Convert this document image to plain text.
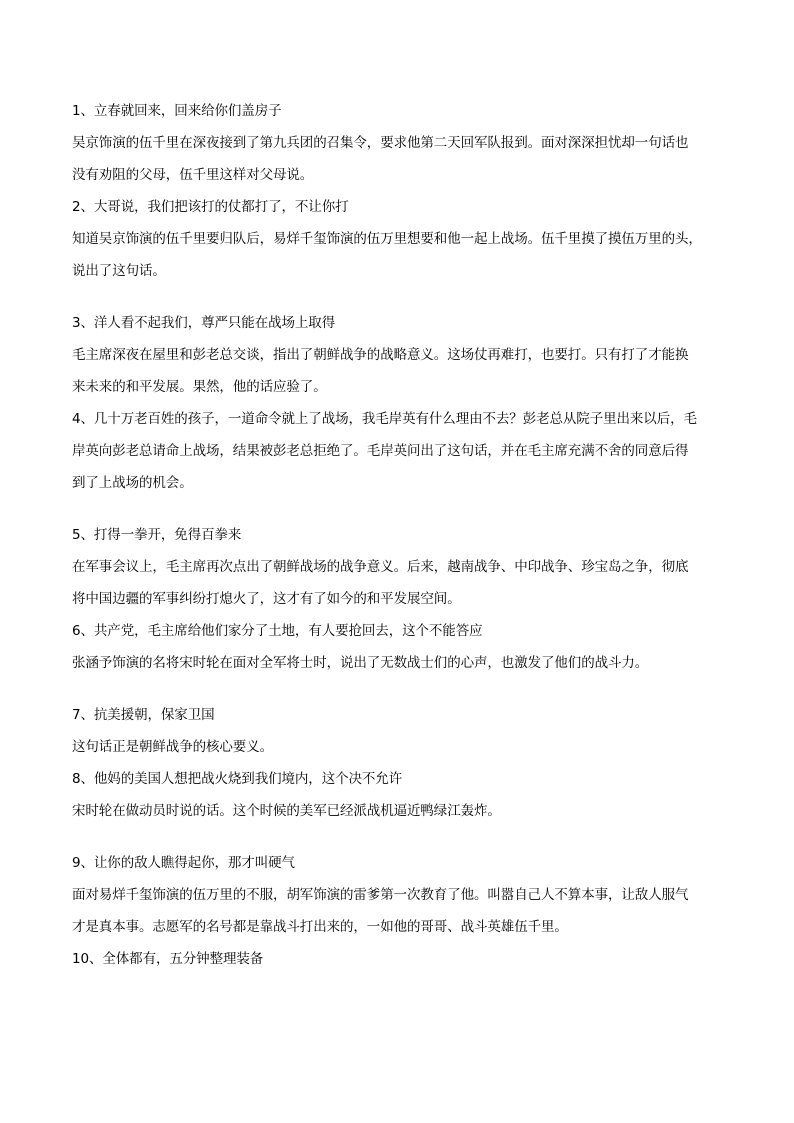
1、立春就回来，回来给你们盖房子
吴京饰演的伍千里在深夜接到了第九兵团的召集令，要求他第二天回军队报到。面对深深担忧却一句话也
没有劝阻的父母，伍千里这样对父母说。
2、大哥说，我们把该打的仗都打了，不让你打
知道吴京饰演的伍千里要归队后，易烊千玺饰演的伍万里想要和他一起上战场。伍千里摸了摸伍万里的头，
说出了这句话。
3、洋人看不起我们，尊严只能在战场上取得
毛主席深夜在屋里和彭老总交谈，指出了朝鲜战争的战略意义。这场仗再难打，也要打。只有打了才能换
来未来的和平发展。果然，他的话应验了。
4、几十万老百姓的孩子，一道命令就上了战场，我毛岸英有什么理由不去？彭老总从院子里出来以后，毛
岸英向彭老总请命上战场，结果被彭老总拒绝了。毛岸英问出了这句话，并在毛主席充满不舍的同意后得
到了上战场的机会。
5、打得一拳开，免得百拳来
在军事会议上，毛主席再次点出了朝鲜战场的战争意义。后来，越南战争、中印战争、珍宝岛之争，彻底
将中国边疆的军事纠纷打熄火了，这才有了如今的和平发展空间。
6、共产党，毛主席给他们家分了土地，有人要抢回去，这个不能答应
张涵予饰演的名将宋时轮在面对全军将士时，说出了无数战士们的心声，也激发了他们的战斗力。
7、抗美援朝，保家卫国
这句话正是朝鲜战争的核心要义。
8、他妈的美国人想把战火烧到我们境内，这个决不允许
宋时轮在做动员时说的话。这个时候的美军已经派战机逼近鸭绿江轰炸。
9、让你的敌人瞧得起你，那才叫硬气
面对易烊千玺饰演的伍万里的不服，胡军饰演的雷爹第一次教育了他。叫嚣自己人不算本事，让敌人服气
才是真本事。志愿军的名号都是靠战斗打出来的，一如他的哥哥、战斗英雄伍千里。
10、全体都有，五分钟整理装备
